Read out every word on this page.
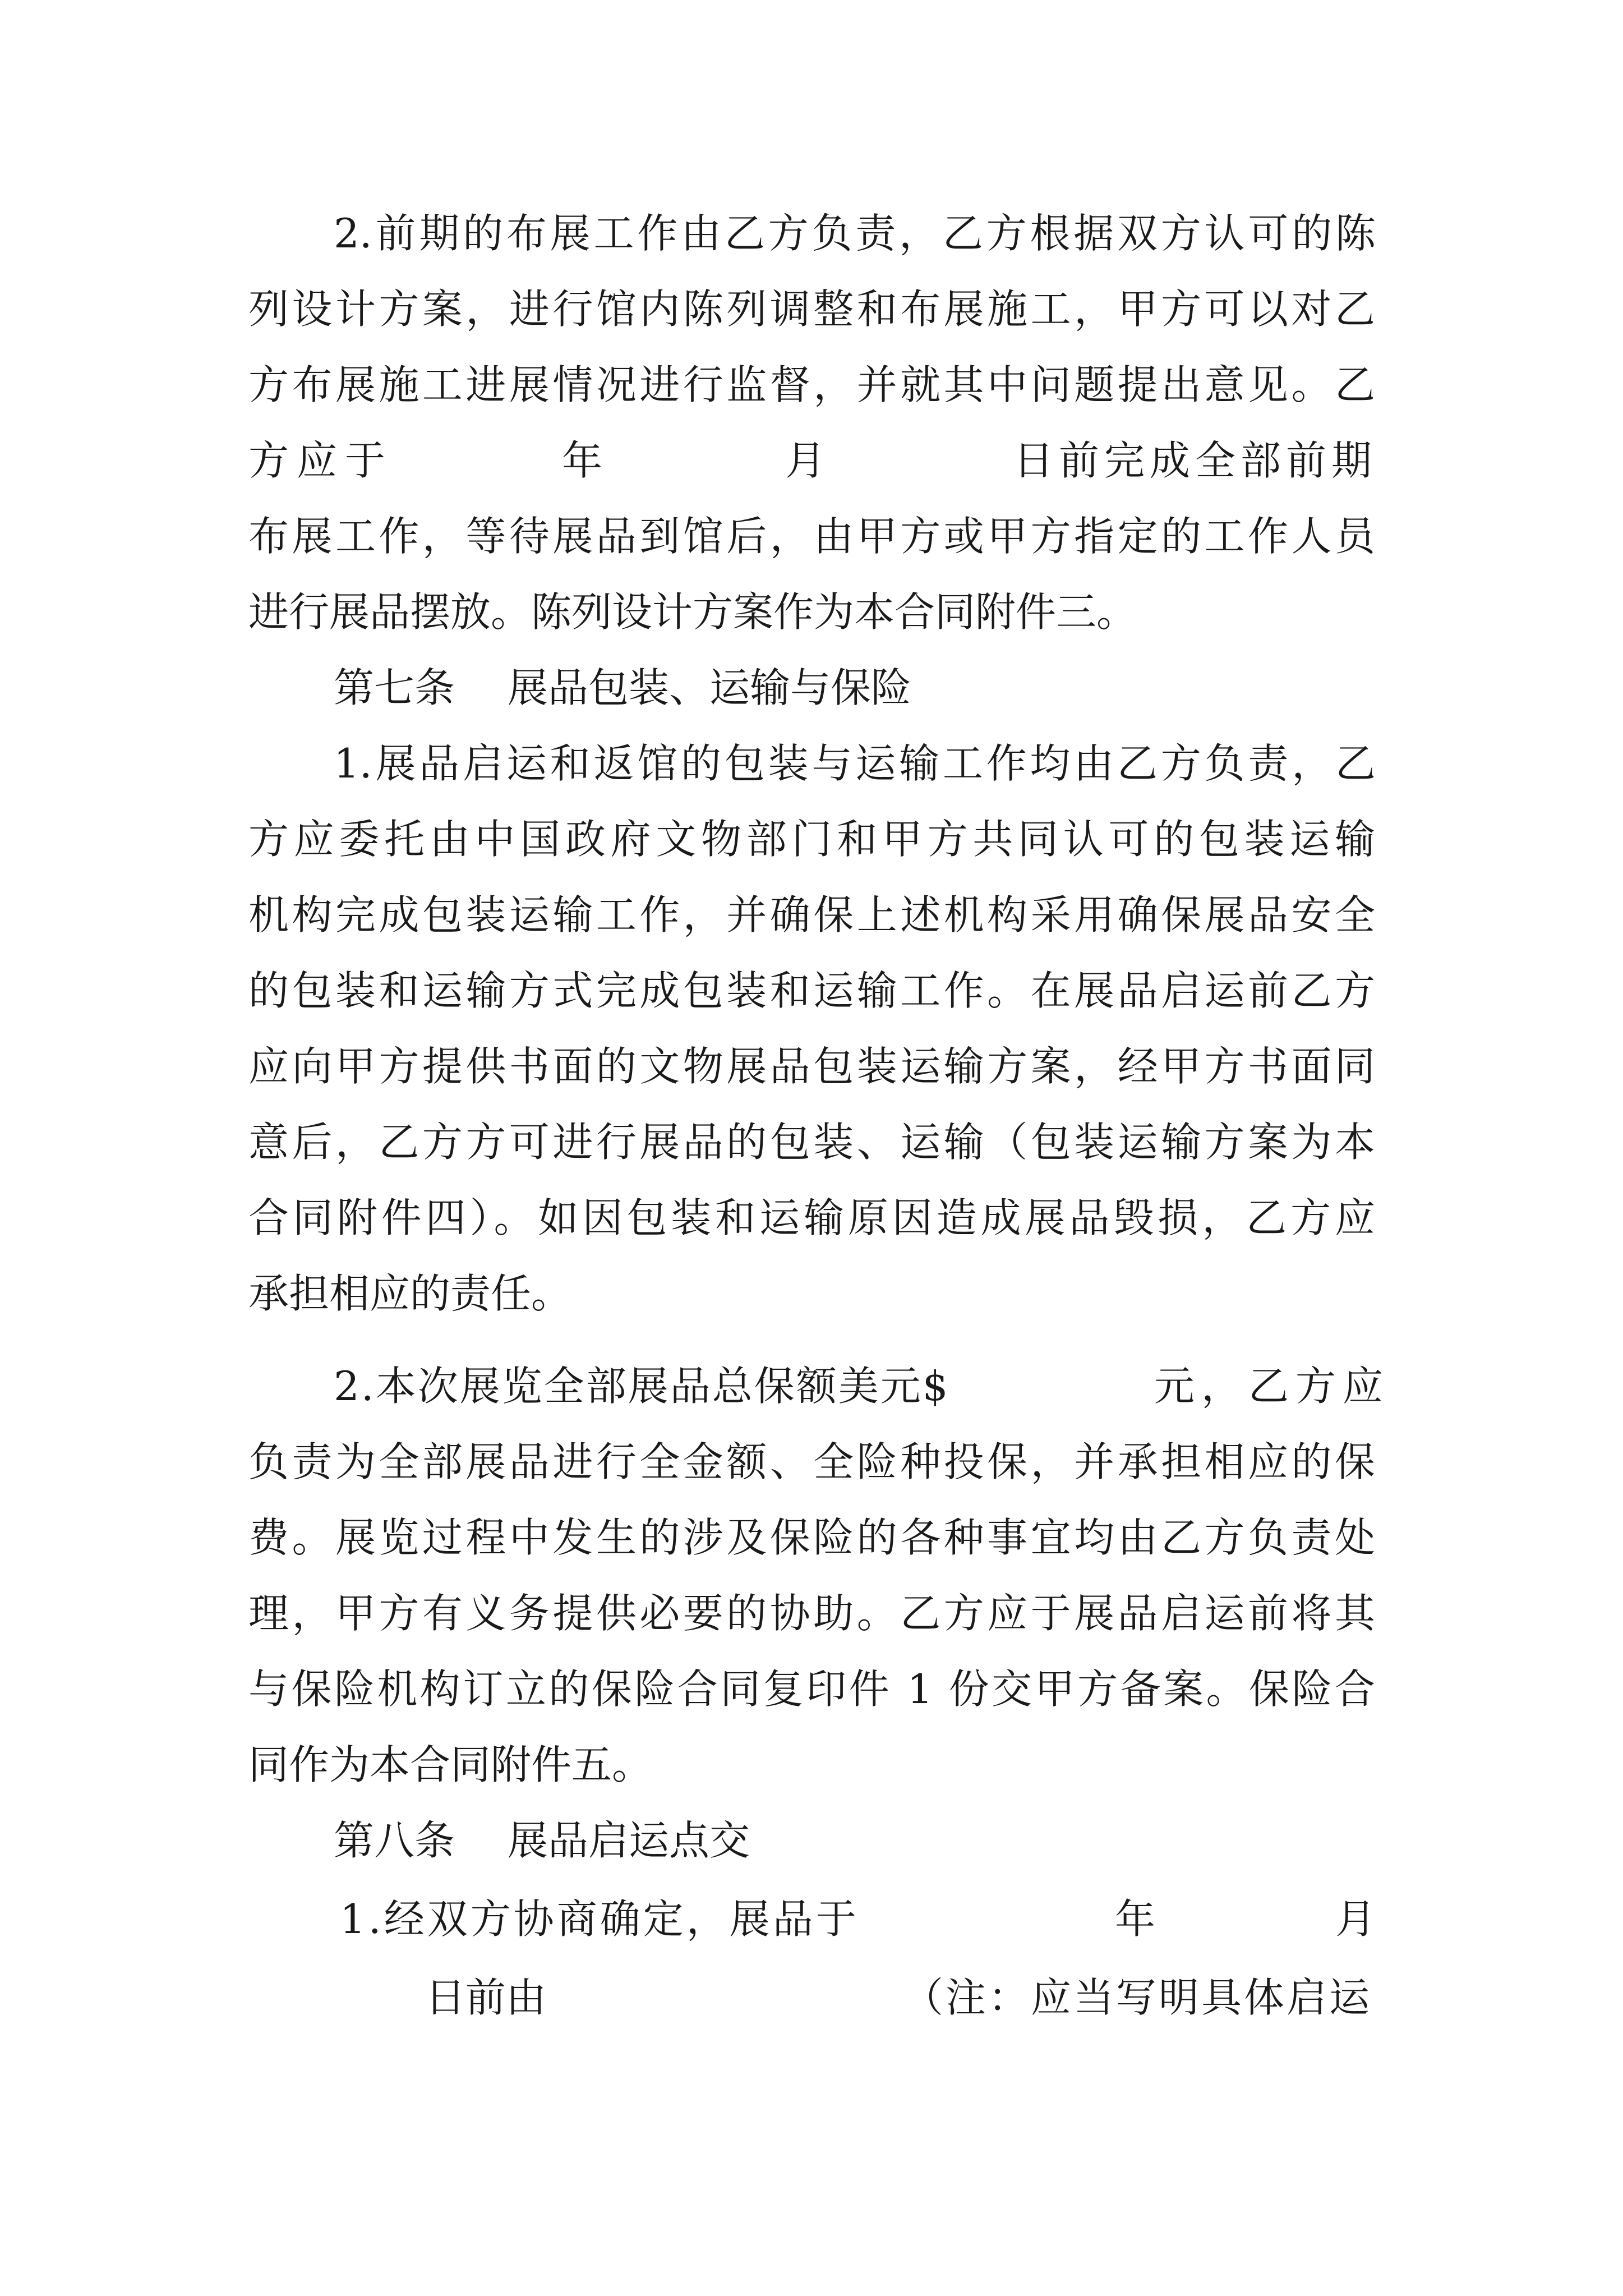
2.前期的布展工作由乙方负责，乙方根据双方认可的陈

列设计方案，进行馆内陈列调整和布展施工，甲方可以对乙

方布展施工进展情况进行监督，并就其中问题提出意见。乙

方应于	年	月	日前完成全部前期

布展工作，等待展品到馆后，由甲方或甲方指定的工作人员

进行展品摆放。陈列设计方案作为本合同附件三。

第七条 展品包装、运输与保险

1.展品启运和返馆的包装与运输工作均由乙方负责，乙

方应委托由中国政府文物部门和甲方共同认可的包装运输

机构完成包装运输工作，并确保上述机构采用确保展品安全

的包装和运输方式完成包装和运输工作。在展品启运前乙方

应向甲方提供书面的文物展品包装运输方案，经甲方书面同

意后，乙方方可进行展品的包装、运输（包装运输方案为本

合同附件四）。如因包装和运输原因造成展品毁损，乙方应

承担相应的责任。

2.本次展览全部展品总保额美元$	元，乙方应

负责为全部展品进行全金额、全险种投保，并承担相应的保

费。展览过程中发生的涉及保险的各种事宜均由乙方负责处

理，甲方有义务提供必要的协助。乙方应于展品启运前将其

与保险机构订立的保险合同复印件 1 份交甲方备案。保险合

同作为本合同附件五。

第八条 展品启运点交
1.经双方协商确定，展品于	年	月
日前由	（注：应当写明具体启运
